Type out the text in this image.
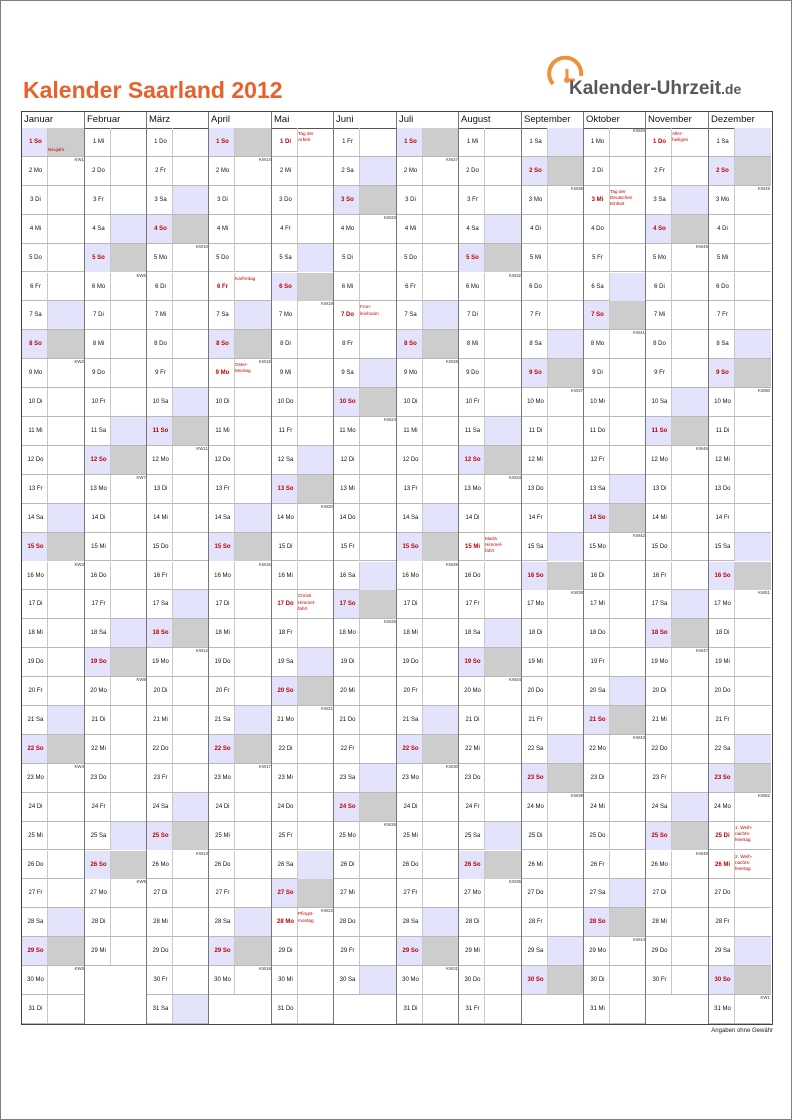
Kalender Saarland 2012	Kalender-Uhrzeit.de
Januar
1 So
Neujahr
2 Mo
KW1
3 Di
4 Mi
5 Do
6 Fr
7 Sa
8 So
9 Mo
KW2
10 Di
11 Mi
12 Do
13 Fr
14 Sa
15 So
16 Mo
KW3
17 Di
18 Mi
19 Do
20 Fr
21 Sa
22 So
23 Mo
KW4
24 Di
25 Mi
26 Do
27 Fr
28 Sa
29 So
30 Mo
KW5
31 Di
Februar
1 Mi
2 Do
3 Fr
4 Sa
5 So
6 Mo
KW6
7 Di
8 Mi
9 Do
10 Fr
11 Sa
12 So
13 Mo
KW7
14 Di
15 Mi
16 Do
17 Fr
18 Sa
19 So
20 Mo
KW8
21 Di
22 Mi
23 Do
24 Fr
25 Sa
26 So
27 Mo
KW9
28 Di
29 Mi
März
1 Do
2 Fr
3 Sa
4 So
5 Mo
KW10
6 Di
7 Mi
8 Do
9 Fr
10 Sa
11 So
12 Mo
KW11
13 Di
14 Mi
15 Do
16 Fr
17 Sa
18 So
19 Mo
KW12
20 Di
21 Mi
22 Do
23 Fr
24 Sa
25 So
26 Mo
KW13
27 Di
28 Mi
29 Do
30 Fr
31 Sa
April
1 So
2 Mo
KW14
3 Di
4 Mi
5 Do
6 Fr
Karfreitag
7 Sa
8 So
9 Mo
Oster-
Montag
KW15
10 Di
11 Mi
12 Do
13 Fr
14 Sa
15 So
16 Mo
KW16
17 Di
18 Mi
19 Do
20 Fr
21 Sa
22 So
23 Mo
KW17
24 Di
25 Mi
26 Do
27 Fr
28 Sa
29 So
30 Mo
KW18
Mai
1 Di
Tag der
Arbeit
2 Mi
3 Do
4 Fr
5 Sa
6 So
7 Mo
KW19
8 Di
9 Mi
10 Do
11 Fr
12 Sa
13 So
14 Mo
KW20
15 Di
16 Mi
17 Do
Christi
Himmel-
fahrt
18 Fr
19 Sa
20 So
21 Mo
KW21
22 Di
23 Mi
24 Do
25 Fr
26 Sa
27 So
28 Mo
Pfingst-
montag
KW22
29 Di
30 Mi
31 Do
Juni
1 Fr
2 Sa
3 So
4 Mo
KW23
5 Di
6 Mi
7 Do
Fron-
leichnam
8 Fr
9 Sa
10 So
11 Mo
KW24
12 Di
13 Mi
14 Do
15 Fr
16 Sa
17 So
18 Mo
KW25
19 Di
20 Mi
21 Do
22 Fr
23 Sa
24 So
25 Mo
KW26
26 Di
27 Mi
28 Do
29 Fr
30 Sa
Juli
1 So
2 Mo
KW27
3 Di
4 Mi
5 Do
6 Fr
7 Sa
8 So
9 Mo
KW28
10 Di
11 Mi
12 Do
13 Fr
14 Sa
15 So
16 Mo
KW29
17 Di
18 Mi
19 Do
20 Fr
21 Sa
22 So
23 Mo
KW30
24 Di
25 Mi
26 Do
27 Fr
28 Sa
29 So
30 Mo
KW31
31 Di
August
1 Mi
2 Do
3 Fr
4 Sa
5 So
6 Mo
KW32
7 Di
8 Mi
9 Do
10 Fr
11 Sa
12 So
13 Mo
KW33
14 Di
15 Mi
Mariä
Himmel-
fahrt
16 Do
17 Fr
18 Sa
19 So
20 Mo
KW34
21 Di
22 Mi
23 Do
24 Fr
25 Sa
26 So
27 Mo
KW35
28 Di
29 Mi
30 Do
31 Fr
September
1 Sa
2 So
3 Mo
KW36
4 Di
5 Mi
6 Do
7 Fr
8 Sa
9 So
10 Mo
KW37
11 Di
12 Mi
13 Do
14 Fr
15 Sa
16 So
17 Mo
KW38
18 Di
19 Mi
20 Do
21 Fr
22 Sa
23 So
24 Mo
KW39
25 Di
26 Mi
27 Do
28 Fr
29 Sa
30 So
Oktober
1 Mo
KW40
2 Di
3 Mi
Tag der
Deutschen
Einheit
4 Do
5 Fr
6 Sa
7 So
8 Mo
KW41
9 Di
10 Mi
11 Do
12 Fr
13 Sa
14 So
15 Mo
KW42
16 Di
17 Mi
18 Do
19 Fr
20 Sa
21 So
22 Mo
KW43
23 Di
24 Mi
25 Do
26 Fr
27 Sa
28 So
29 Mo
KW44
30 Di
31 Mi
November
1 Do
Aller-
heiligen
2 Fr
3 Sa
4 So
5 Mo
KW45
6 Di
7 Mi
8 Do
9 Fr
10 Sa
11 So
12 Mo
KW46
13 Di
14 Mi
15 Do
16 Fr
17 Sa
18 So
19 Mo
KW47
20 Di
21 Mi
22 Do
23 Fr
24 Sa
25 So
26 Mo
KW48
27 Di
28 Mi
29 Do
30 Fr
Dezember
1 Sa
2 So
3 Mo
KW49
4 Di
5 Mi
6 Do
7 Fr
8 Sa
9 So
10 Mo
KW50
11 Di
12 Mi
13 Do
14 Fr
15 Sa
16 So
17 Mo
KW51
18 Di
19 Mi
20 Do
21 Fr
22 Sa
23 So
24 Mo
KW52
25 Di
1. Weih-
nachts-
feiertag
26 Mi
2. Weih-
nachts-
feiertag
27 Do
28 Fr
29 Sa
30 So
31 Mo
KW1
Angaben ohne Gewähr
